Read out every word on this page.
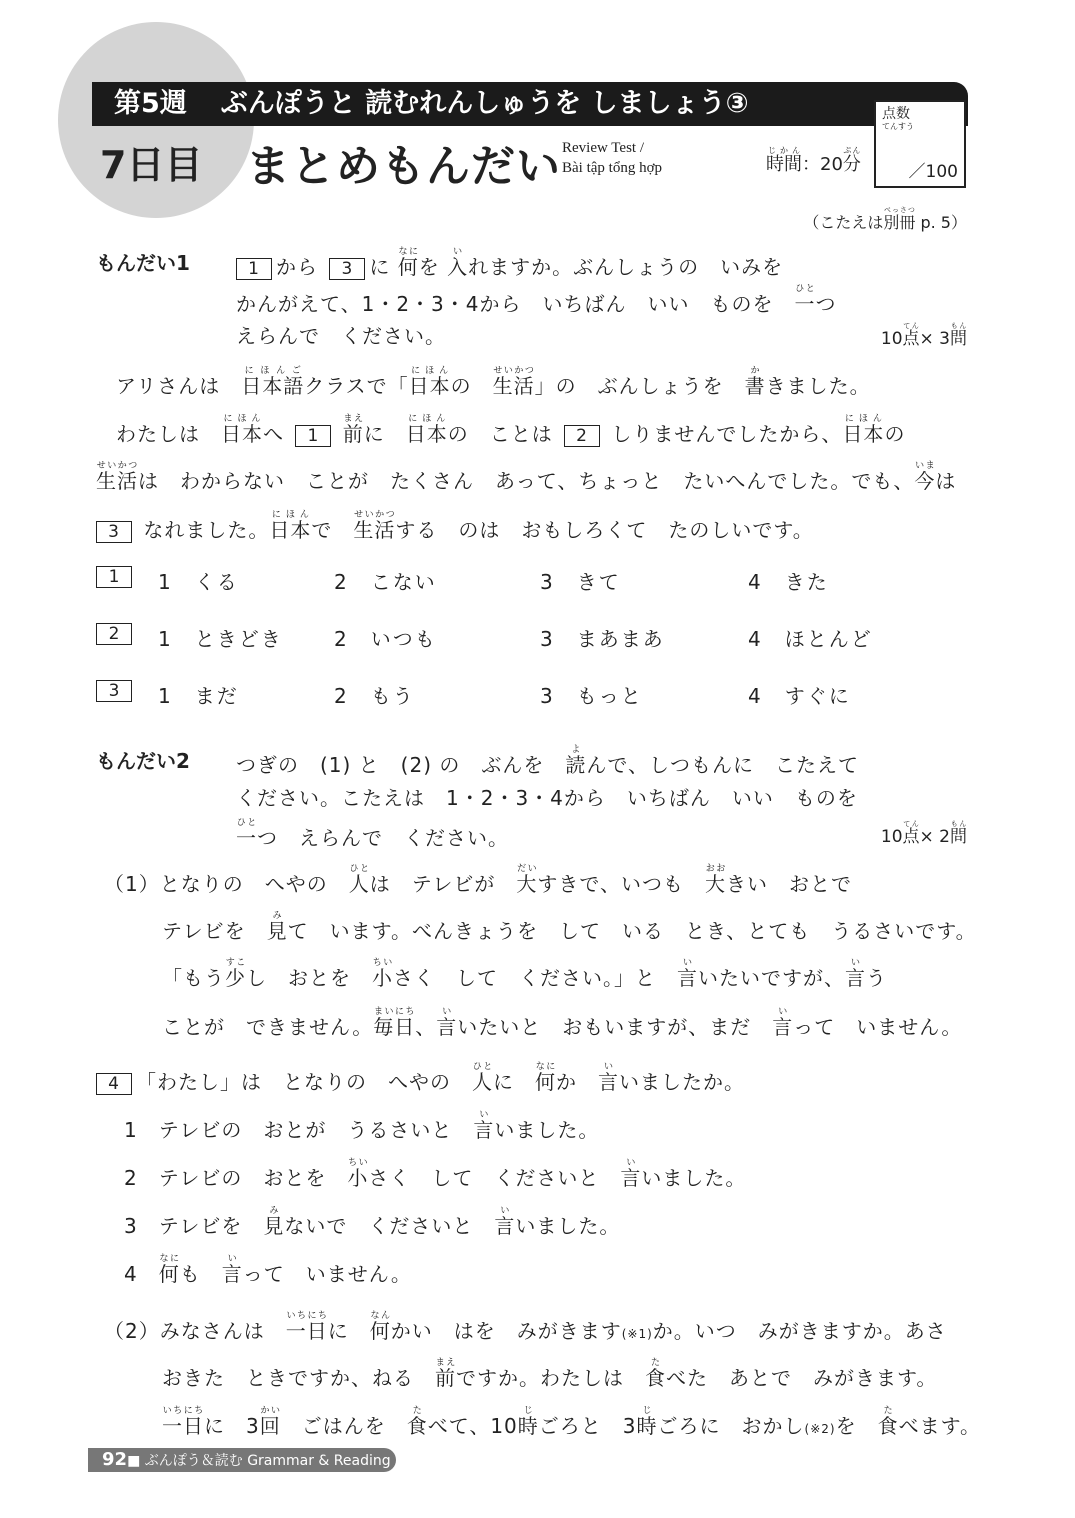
第5週 ぶんぽうと 読むれんしゅうを しましょう③
7日目 まとめもんだい Review Test /
Bài tập tổng hợp	時間じかん：20分ぷん
点数
てんすう
／100
（こたえは別冊べっさつ p. 5）
もんだい1	1 から 3 に 何なにを 入いれますか。ぶんしょうの　いみを
かんがえて、1・2・3・4から　いちばん　いい　ものを　一ひとつ
えらんで　ください。	10点てん× 3問もん
アリさんは　日本語にほんごクラスで「日本にほんの　生活せいかつ」の　ぶんしょうを　書かきました。
わたしは　日本にほんへ 1 前まえに　日本にほんの　ことは 2 しりませんでしたから、日本にほんの
生活せいかつは　わからない　ことが　たくさん　あって、ちょっと　たいへんでした。でも、今いまは
3 なれました。日本にほんで　生活せいかつする　のは　おもしろくて　たのしいです。
1 1　くる	2　こない	3　きて	4　きた
2 1　ときどき	2　いつも	3　まあまあ	4　ほとんど
3 1　まだ	2　もう	3　もっと	4　すぐに
もんだい2 つぎの　(1) と　(2) の　ぶんを　読よんで、しつもんに　こたえて
ください。こたえは　1・2・3・4から　いちばん　いい　ものを
一ひとつ　えらんで　ください。	10点てん× 2問もん
（1）となりの　へやの　人ひとは　テレビが　大だいすきで、いつも　大おおきい　おとで
テレビを　見みて　います。べんきょうを　して　いる　とき、とても　うるさいです。
「もう少すこし　おとを　小ちいさく　して　ください。」と　言いいたいですが、言いう
ことが　できません。毎日まいにち、言いいたいと　おもいますが、まだ　言いって　いません。
4 「わたし」は　となりの　へやの　人ひとに　何なにか　言いいましたか。
1　テレビの　おとが　うるさいと　言いいました。
2　テレビの　おとを　小ちいさく　して　くださいと　言いいました。
3　テレビを　見みないで　くださいと　言いいました。
4　 何なにも　言いって　いません。
（2）みなさんは　一日いちにちに　何なんかい　はを　みがきます(※1)か。いつ　みがきますか。あさ
おきた　ときですか、ねる　前まえですか。わたしは　食たべた　あとで　みがきます。
一日いちにちに　3回かい　ごはんを　食たべて、10時じごろと　3時じごろに　おかし(※2)を　食たべます。
92■ ぶんぽう＆読む Grammar & Reading
